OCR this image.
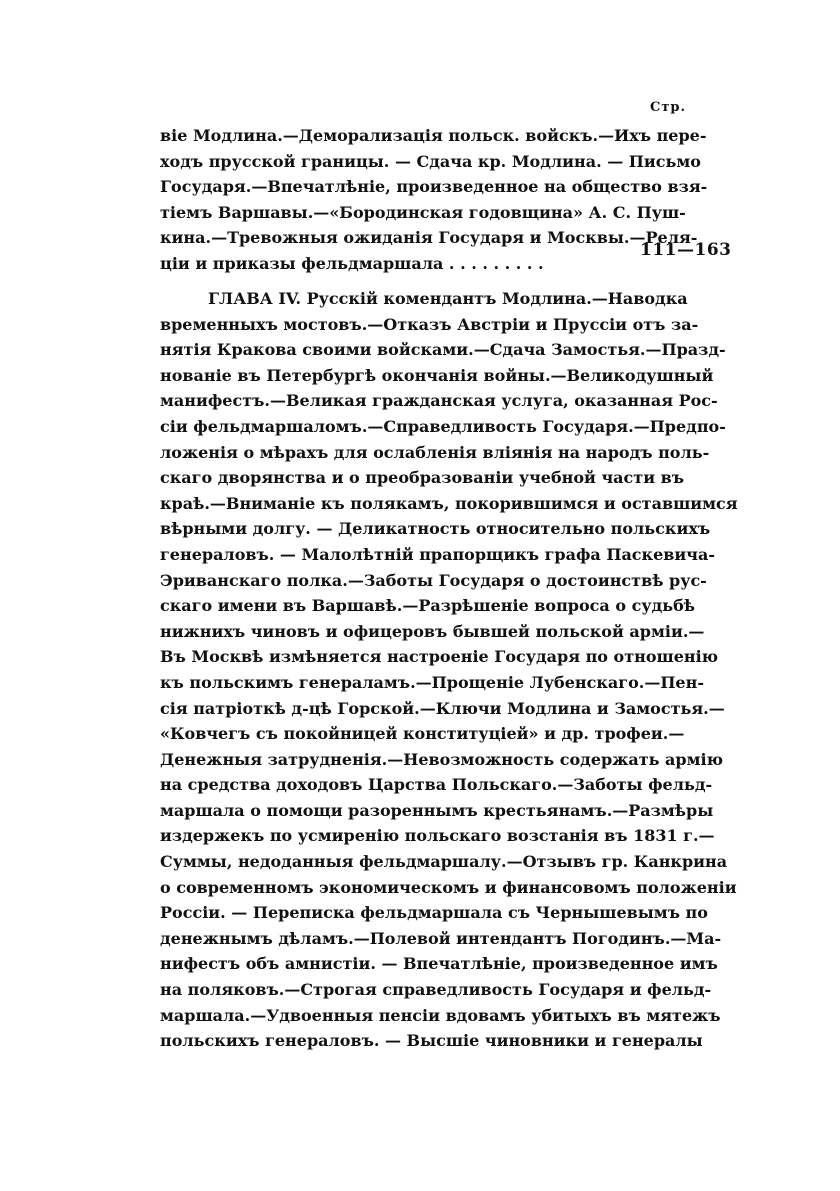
Стр.
віе Модлина.—Деморализація польск. войскъ.—Ихъ пере-
ходъ прусской границы. — Сдача кр. Модлина. — Письмо
Государя.—Впечатлѣніе, произведенное на общество взя-
тіемъ Варшавы.—«Бородинская годовщина» А. С. Пуш-
кина.—Тревожныя ожиданія Государя и Москвы.—Реля-
ціи и приказы фельдмаршала . . . . . . . . .
111—163
ГЛАВА IV. Русскій комендантъ Модлина.—Наводка
временныхъ мостовъ.—Отказъ Австріи и Пруссіи отъ за-
нятія Кракова своими войсками.—Сдача Замостья.—Празд-
нованіе въ Петербургѣ окончанія войны.—Великодушный
манифестъ.—Великая гражданская услуга, оказанная Рос-
сіи фельдмаршаломъ.—Справедливость Государя.—Предпо-
ложенія о мѣрахъ для ослабленія вліянія на народъ поль-
скаго дворянства и о преобразованіи учебной части въ
краѣ.—Вниманіе къ полякамъ, покорившимся и оставшимся
вѣрными долгу. — Деликатность относительно польскихъ
генераловъ. — Малолѣтній прапорщикъ графа Паскевича-
Эриванскаго полка.—Заботы Государя о достоинствѣ рус-
скаго имени въ Варшавѣ.—Разрѣшеніе вопроса о судьбѣ
нижнихъ чиновъ и офицеровъ бывшей польской арміи.—
Въ Москвѣ измѣняется настроеніе Государя по отношенію
къ польскимъ генераламъ.—Прощеніе Лубенскаго.—Пен-
сія патріоткѣ д-цѣ Горской.—Ключи Модлина и Замостья.—
«Ковчегъ съ покойницей конституціей» и др. трофеи.—
Денежныя затрудненія.—Невозможность содержать армію
на средства доходовъ Царства Польскаго.—Заботы фельд-
маршала о помощи разореннымъ крестьянамъ.—Размѣры
издержекъ по усмиренію польскаго возстанія въ 1831 г.—
Суммы, недоданныя фельдмаршалу.—Отзывъ гр. Канкрина
о современномъ экономическомъ и финансовомъ положеніи
Россіи. — Переписка фельдмаршала съ Чернышевымъ по
денежнымъ дѣламъ.—Полевой интендантъ Погодинъ.—Ма-
нифестъ объ амнистіи. — Впечатлѣніе, произведенное имъ
на поляковъ.—Строгая справедливость Государя и фельд-
маршала.—Удвоенныя пенсіи вдовамъ убитыхъ въ мятежъ
польскихъ генераловъ. — Высшіе чиновники и генералы
